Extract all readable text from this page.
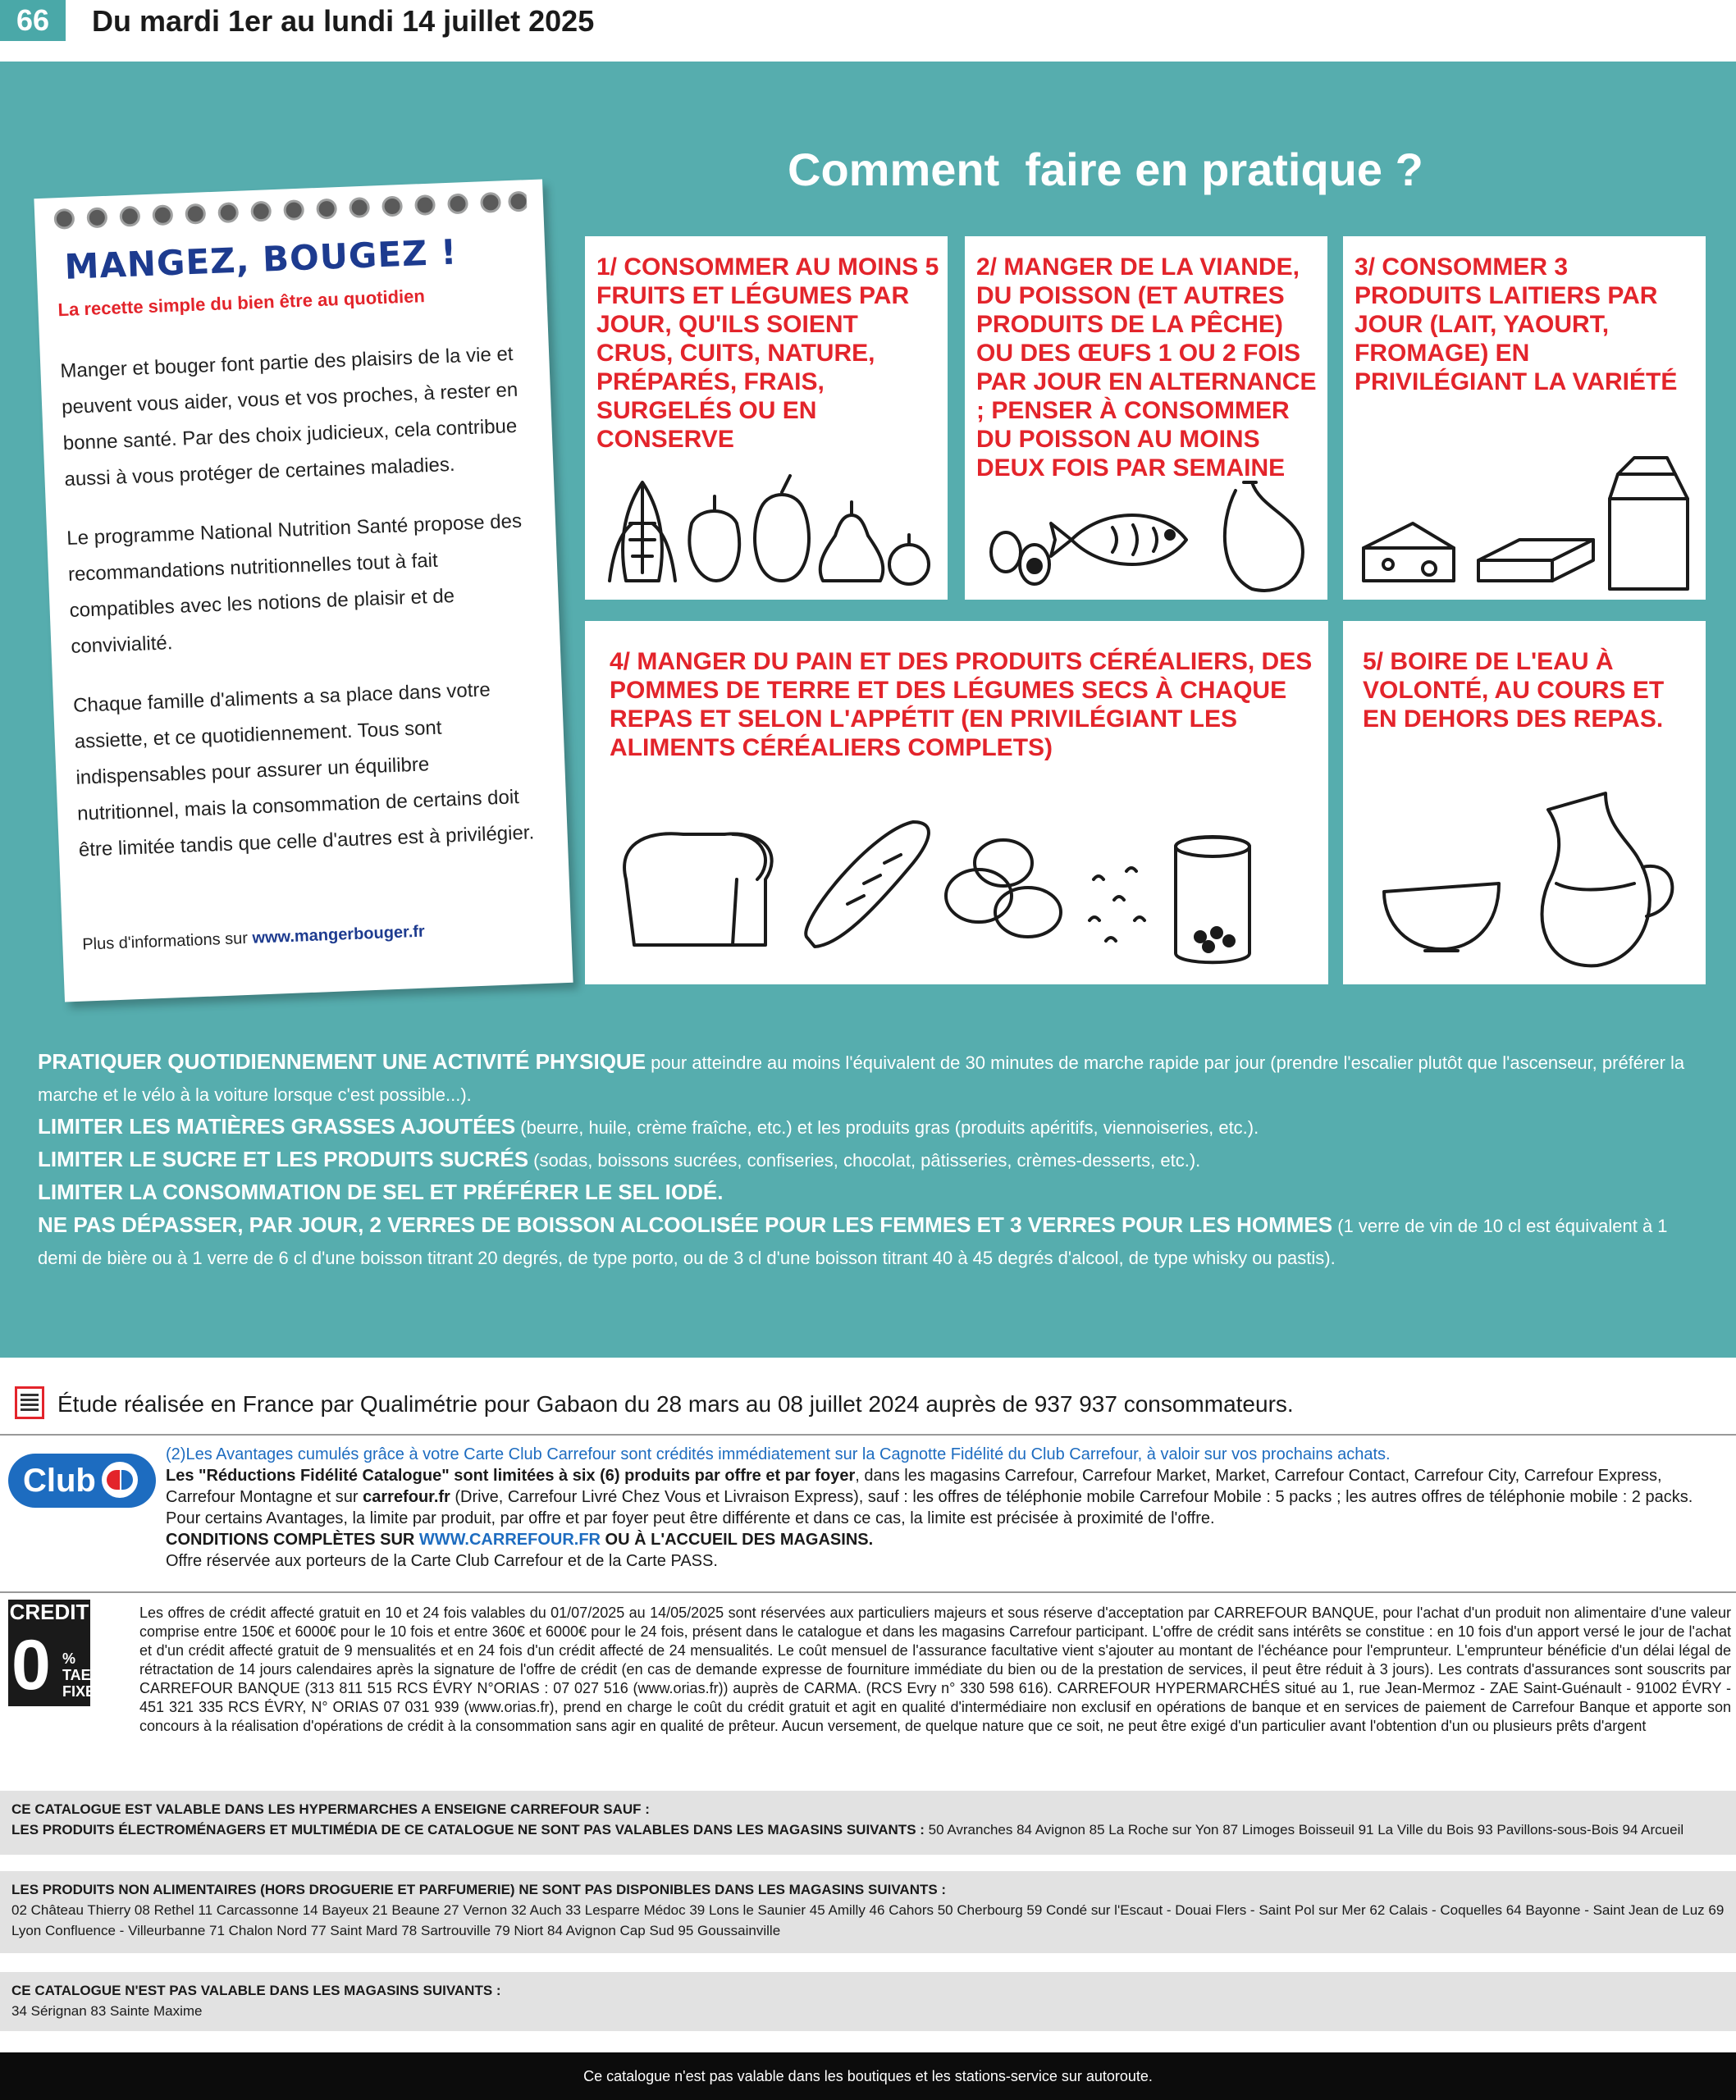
66	Du mardi 1er au lundi 14 juillet 2025
Comment  faire en pratique ?
MANGEZ, BOUGEZ !
La recette simple du bien être au quotidien

Manger et bouger font partie des plaisirs de la vie et peuvent vous aider, vous et vos proches, à rester en bonne santé. Par des choix judicieux, cela contribue aussi à vous protéger de certaines maladies.

Le programme National Nutrition Santé propose des recommandations nutritionnelles tout à fait compatibles avec les notions de plaisir et de convivialité.

Chaque famille d'aliments a sa place dans votre assiette, et ce quotidiennement. Tous sont indispensables pour assurer un équilibre nutritionnel, mais la consommation de certains doit être limitée tandis que celle d'autres est à privilégier.

Plus d'informations sur www.mangerbouger.fr
1/ CONSOMMER AU MOINS 5 FRUITS ET LÉGUMES PAR JOUR, QU'ILS SOIENT CRUS, CUITS, NATURE, PRÉPARÉS, FRAIS, SURGELÉS OU EN CONSERVE
2/ MANGER DE LA VIANDE, DU POISSON (ET AUTRES PRODUITS DE LA PÊCHE) OU DES ŒUFS 1 OU 2 FOIS PAR JOUR EN ALTERNANCE ; PENSER À CONSOMMER DU POISSON AU MOINS DEUX FOIS PAR SEMAINE
3/ CONSOMMER 3 PRODUITS LAITIERS PAR JOUR (LAIT, YAOURT, FROMAGE) EN PRIVILÉGIANT LA VARIÉTÉ
4/ MANGER DU PAIN ET DES PRODUITS CÉRÉALIERS, DES POMMES DE TERRE ET DES LÉGUMES SECS À CHAQUE REPAS ET SELON L'APPÉTIT (EN PRIVILÉGIANT LES ALIMENTS CÉRÉALIERS COMPLETS)
5/ BOIRE DE L'EAU À VOLONTÉ, AU COURS ET EN DEHORS DES REPAS.
PRATIQUER QUOTIDIENNEMENT UNE ACTIVITÉ PHYSIQUE pour atteindre au moins l'équivalent de 30 minutes de marche rapide par jour (prendre l'escalier plutôt que l'ascenseur, préférer la marche et le vélo à la voiture lorsque c'est possible...).
LIMITER LES MATIÈRES GRASSES AJOUTÉES (beurre, huile, crème fraîche, etc.) et les produits gras (produits apéritifs, viennoiseries, etc.).
LIMITER LE SUCRE ET LES PRODUITS SUCRÉS (sodas, boissons sucrées, confiseries, chocolat, pâtisseries, crèmes-desserts, etc.).
LIMITER LA CONSOMMATION DE SEL ET PRÉFÉRER LE SEL IODÉ.
NE PAS DÉPASSER, PAR JOUR, 2 VERRES DE BOISSON ALCOOLISÉE POUR LES FEMMES ET 3 VERRES POUR LES HOMMES (1 verre de vin de 10 cl est équivalent à 1 demi de bière ou à 1 verre de 6 cl d'une boisson titrant 20 degrés, de type porto, ou de 3 cl d'une boisson titrant 40 à 45 degrés d'alcool, de type whisky ou pastis).
Étude réalisée en France par Qualimétrie pour Gabaon du 28 mars au 08 juillet 2024 auprès de 937 937 consommateurs.
Club
(2)Les Avantages cumulés grâce à votre Carte Club Carrefour sont crédités immédiatement sur la Cagnotte Fidélité du Club Carrefour, à valoir sur vos prochains achats.
Les "Réductions Fidélité Catalogue" sont limitées à six (6) produits par offre et par foyer, dans les magasins Carrefour, Carrefour Market, Market, Carrefour Contact, Carrefour City, Carrefour Express, Carrefour Montagne et sur carrefour.fr (Drive, Carrefour Livré Chez Vous et Livraison Express), sauf : les offres de téléphonie mobile Carrefour Mobile : 5 packs ; les autres offres de téléphonie mobile : 2 packs.
Pour certains Avantages, la limite par produit, par offre et par foyer peut être différente et dans ce cas, la limite est précisée à proximité de l'offre.
CONDITIONS COMPLÈTES SUR WWW.CARREFOUR.FR OU À L'ACCUEIL DES MAGASINS.
Offre réservée aux porteurs de la Carte Club Carrefour et de la Carte PASS.
CREDIT
0 %
TAEG
FIXE
Les offres de crédit affecté gratuit en 10 et 24 fois valables du 01/07/2025 au 14/05/2025 sont réservées aux particuliers majeurs et sous réserve d'acceptation par CARREFOUR BANQUE, pour l'achat d'un produit non alimentaire d'une valeur comprise entre 150€ et 6000€ pour le 10 fois et entre 360€ et 6000€ pour le 24 fois, présent dans le catalogue et dans les magasins Carrefour participant. L'offre de crédit sans intérêts se constitue : en 10 fois d'un apport versé le jour de l'achat et d'un crédit affecté gratuit de 9 mensualités et en 24 fois d'un crédit affecté de 24 mensualités. Le coût mensuel de l'assurance facultative vient s'ajouter au montant de l'échéance pour l'emprunteur. L'emprunteur bénéficie d'un délai légal de rétractation de 14 jours calendaires après la signature de l'offre de crédit (en cas de demande expresse de fourniture immédiate du bien ou de la prestation de services, il peut être réduit à 3 jours). Les contrats d'assurances sont souscrits par CARREFOUR BANQUE (313 811 515 RCS ÉVRY N°ORIAS : 07 027 516 (www.orias.fr)) auprès de CARMA. (RCS Evry n° 330 598 616). CARREFOUR HYPERMARCHÉS situé au 1, rue Jean-Mermoz - ZAE Saint-Guénault - 91002 ÉVRY - 451 321 335 RCS ÉVRY, N° ORIAS 07 031 939 (www.orias.fr), prend en charge le coût du crédit gratuit et agit en qualité d'intermédiaire non exclusif en opérations de banque et en services de paiement de Carrefour Banque et apporte son concours à la réalisation d'opérations de crédit à la consommation sans agir en qualité de prêteur. Aucun versement, de quelque nature que ce soit, ne peut être exigé d'un particulier avant l'obtention d'un ou plusieurs prêts d'argent
CE CATALOGUE EST VALABLE DANS LES HYPERMARCHES A ENSEIGNE CARREFOUR SAUF :
LES PRODUITS ÉLECTROMÉNAGERS ET MULTIMÉDIA DE CE CATALOGUE NE SONT PAS VALABLES DANS LES MAGASINS SUIVANTS : 50 Avranches 84 Avignon 85 La Roche sur Yon 87 Limoges Boisseuil 91 La Ville du Bois 93 Pavillons-sous-Bois 94 Arcueil
LES PRODUITS NON ALIMENTAIRES (HORS DROGUERIE ET PARFUMERIE) NE SONT PAS DISPONIBLES DANS LES MAGASINS SUIVANTS :
02 Château Thierry 08 Rethel 11 Carcassonne 14 Bayeux 21 Beaune 27 Vernon 32 Auch 33 Lesparre Médoc 39 Lons le Saunier 45 Amilly 46 Cahors 50 Cherbourg 59 Condé sur l'Escaut - Douai Flers - Saint Pol sur Mer 62 Calais - Coquelles 64 Bayonne - Saint Jean de Luz 69 Lyon Confluence - Villeurbanne 71 Chalon Nord 77 Saint Mard 78 Sartrouville 79 Niort 84 Avignon Cap Sud 95 Goussainville
CE CATALOGUE N'EST PAS VALABLE DANS LES MAGASINS SUIVANTS :
34 Sérignan 83 Sainte Maxime
Ce catalogue n'est pas valable dans les boutiques et les stations-service sur autoroute.
